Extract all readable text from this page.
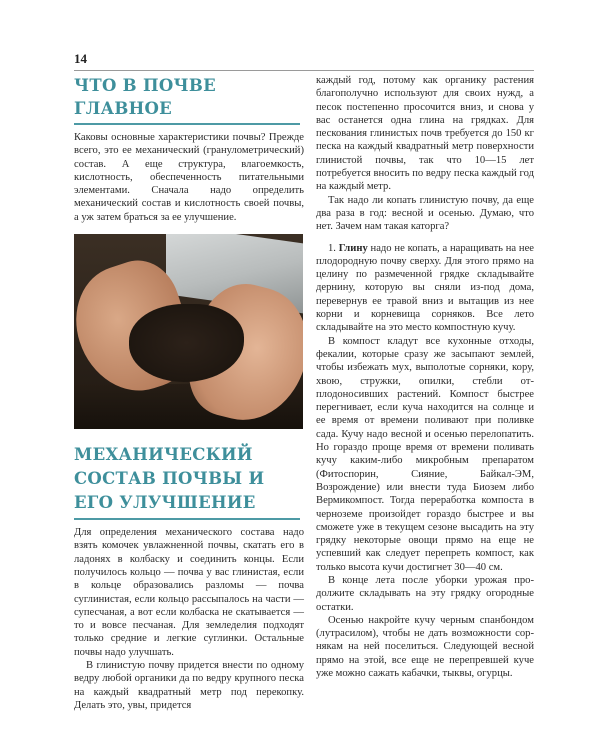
14
ЧТО В ПОЧВЕ ГЛАВНОЕ

Каковы основные характеристики почвы? Прежде всего, это ее механический (гранулометрический) состав. А еще структура, влагоемкость, кислотность, обеспеченность питательными элементами. Сначала надо определить механический состав и кислотность своей почвы, а уж затем браться за ее улучшение.

МЕХАНИЧЕСКИЙ СОСТАВ ПОЧВЫ И ЕГО УЛУЧШЕНИЕ

Для определения механического состава надо взять комочек увлажненной почвы, скатать его в ладонях в колбаску и соединить концы. Если получилось кольцо — почва у вас глинистая, если в кольце образовались разломы — почва суглинистая, если кольцо рассыпалось на части — супесчаная, а вот если колбаска не скатывается — то и вовсе песчаная. Для земледелия подходят только средние и легкие суглинки. Остальные почвы надо улучшать.

В глинистую почву придется внести по одному ведру любой органики да по ведру крупного песка на каждый квадратный метр под перекопку. Делать это, увы, придется

каждый год, потому как органику растения благополучно используют для своих нужд, а песок постепенно просочится вниз, и снова у вас останется одна глина на грядках. Для пескования глинистых почв требуется до 150 кг песка на каждый квадратный метр поверхности глинистой почвы, так что 10—15 лет потребуется вносить по ведру песка каждый год на каждый метр.

Так надо ли копать глинистую почву, да еще два раза в год: весной и осенью. Думаю, что нет. Зачем нам такая каторга?

1. Глину надо не копать, а наращивать на нее плодородную почву сверху. Для этого прямо на целину по размеченной грядке складывайте дернину, которую вы сняли из-под дома, перевернув ее травой вниз и вытащив из нее корни и корневища сорняков. Все лето складывайте на это место компостную кучу.

В компост кладут все кухонные отходы, фекалии, которые сразу же засыпают землей, чтобы избежать мух, выполотые сорняки, кору, хвою, стружки, опилки, стебли отплодоносивших растений. Компост быстрее перегнивает, если куча находится на солнце и ее время от времени поливают при поливке сада. Кучу надо весной и осенью перелопатить. Но гораздо проще время от времени поливать кучу каким-либо микробным препаратом (Фитоспорин, Сияние, Байкал-ЭМ, Возрождение) или внести туда Биозем либо Вермикомпост. Тогда переработка компоста в черноземе произойдет гораздо быстрее и вы сможете уже в текущем сезоне высадить на эту грядку некоторые овощи прямо на еще не успевший как следует перепреть компост, как только высота кучи достигнет 30—40 см.

В конце лета после уборки урожая продолжите складывать на эту грядку огородные остатки.

Осенью накройте кучу черным спанбондом (лутрасилом), чтобы не дать возможности сорнякам на ней поселиться. Следующей весной прямо на этой, все еще не перепревшей куче уже можно сажать кабачки, тыквы, огурцы.
